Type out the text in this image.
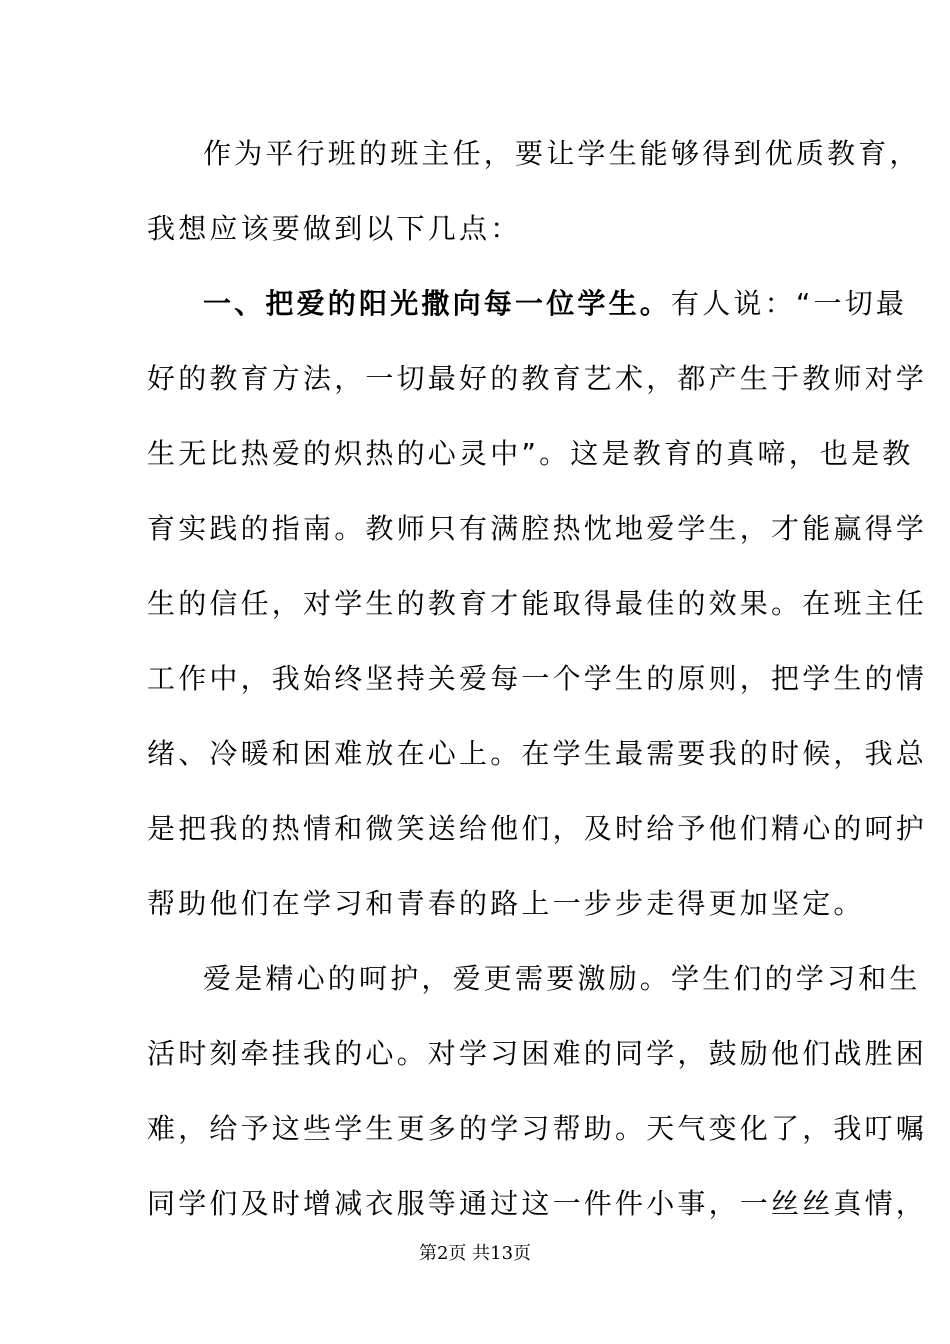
作为平行班的班主任，要让学生能够得到优质教育，
我想应该要做到以下几点：
一、把爱的阳光撒向每一位学生。有人说：“一切最
好的教育方法，一切最好的教育艺术，都产生于教师对学
生无比热爱的炽热的心灵中”。这是教育的真啼，也是教
育实践的指南。教师只有满腔热忱地爱学生，才能赢得学
生的信任，对学生的教育才能取得最佳的效果。在班主任
工作中，我始终坚持关爱每一个学生的原则，把学生的情
绪、冷暖和困难放在心上。在学生最需要我的时候，我总
是把我的热情和微笑送给他们，及时给予他们精心的呵护
帮助他们在学习和青春的路上一步步走得更加坚定。
爱是精心的呵护，爱更需要激励。学生们的学习和生
活时刻牵挂我的心。对学习困难的同学，鼓励他们战胜困
难，给予这些学生更多的学习帮助。天气变化了，我叮嘱
同学们及时增减衣服等通过这一件件小事，一丝丝真情，
第2页 共13页
